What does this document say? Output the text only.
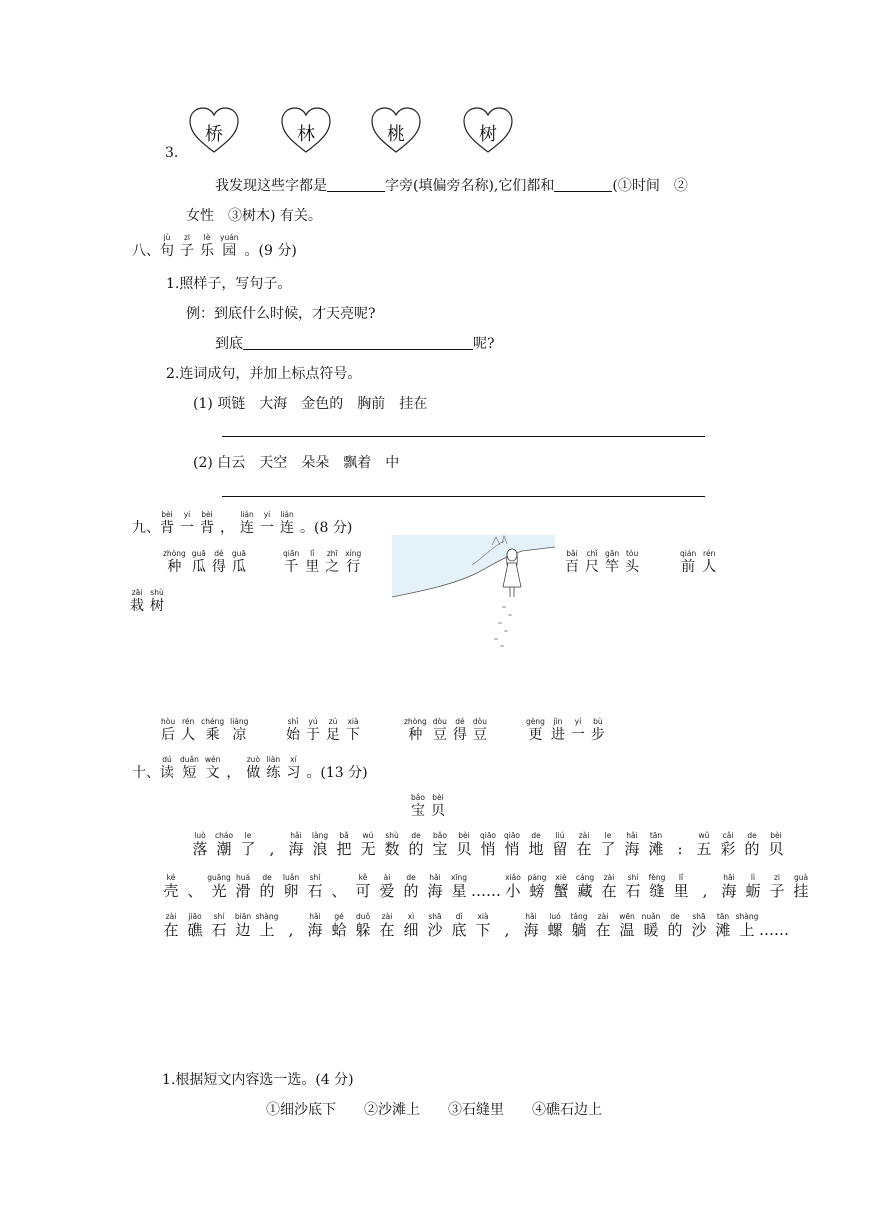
桥	林	桃	树
3.
我发现这些字都是	字旁(填偏旁名称),它们都和	(①时间　②
女性　③树木) 有关。
八、
jù
句
zi
子
lè
乐
yuán
园 。(9 分)
1.照样子，写句子。
例：到底什么时候，才天亮呢?
到底	呢?
2.连词成句，并加上标点符号。
(1) 项链　大海　金色的　胸前　挂在
(2) 白云　天空　朵朵　飘着　中
九、
bèi
背
yi
一
bèi
背
，
lián
连
yi
一
lián
连 。(8 分)
zhòng
种
guā
瓜
dé
得
guā
瓜
qiān
千
lǐ
里
zhī
之
xíng
行
bǎi
百
chǐ
尺
gān
竿
tóu
头
qián
前
rén
人
zāi
栽
shù
树
hòu
后
rén
人
chéng
乘
liáng
凉
shǐ
始
yú
于
zú
足
xià
下
zhòng
种
dòu
豆
dé
得
dòu
豆
gèng
更
jìn
进
yí
一
bù
步
十、
dú
读
duǎn
短
wén
文
，
zuò
做
liàn
练
xí
习 。(13 分)
bǎo
宝
bèi
贝
luò
落
cháo
潮
le
了
,
hǎi
海
làng
浪
bǎ
把
wú
无
shù
数
de
的
bǎo
宝
bèi
贝
qiāo
悄
qiāo
悄
de
地
liú
留
zài
在
le
了
hǎi
海
tān
滩
:
wǔ
五
cǎi
彩
de
的
bèi
贝
ké
壳
、
guāng
光
huá
滑
de
的
luǎn
卵
shí
石
、
kě
可
ài
爱
de
的
hǎi
海
xīng
星
……
xiǎo
小
páng
螃
xiè
蟹
cáng
藏
zài
在
shí
石
fèng
缝
lǐ
里
,
hǎi
海
lì
蛎
zi
子
guà
挂
zài
在
jiāo
礁
shí
石
biān
边
shàng
上
,
hǎi
海
gé
蛤
duǒ
躲
zài
在
xì
细
shā
沙
dǐ
底
xià
下
,
hǎi
海
luó
螺
tǎng
躺
zài
在
wēn
温
nuǎn
暖
de
的
shā
沙
tān
滩
shàng
上
……
1.根据短文内容选一选。(4 分)
①细沙底下　　②沙滩上　　③石缝里　　④礁石边上
